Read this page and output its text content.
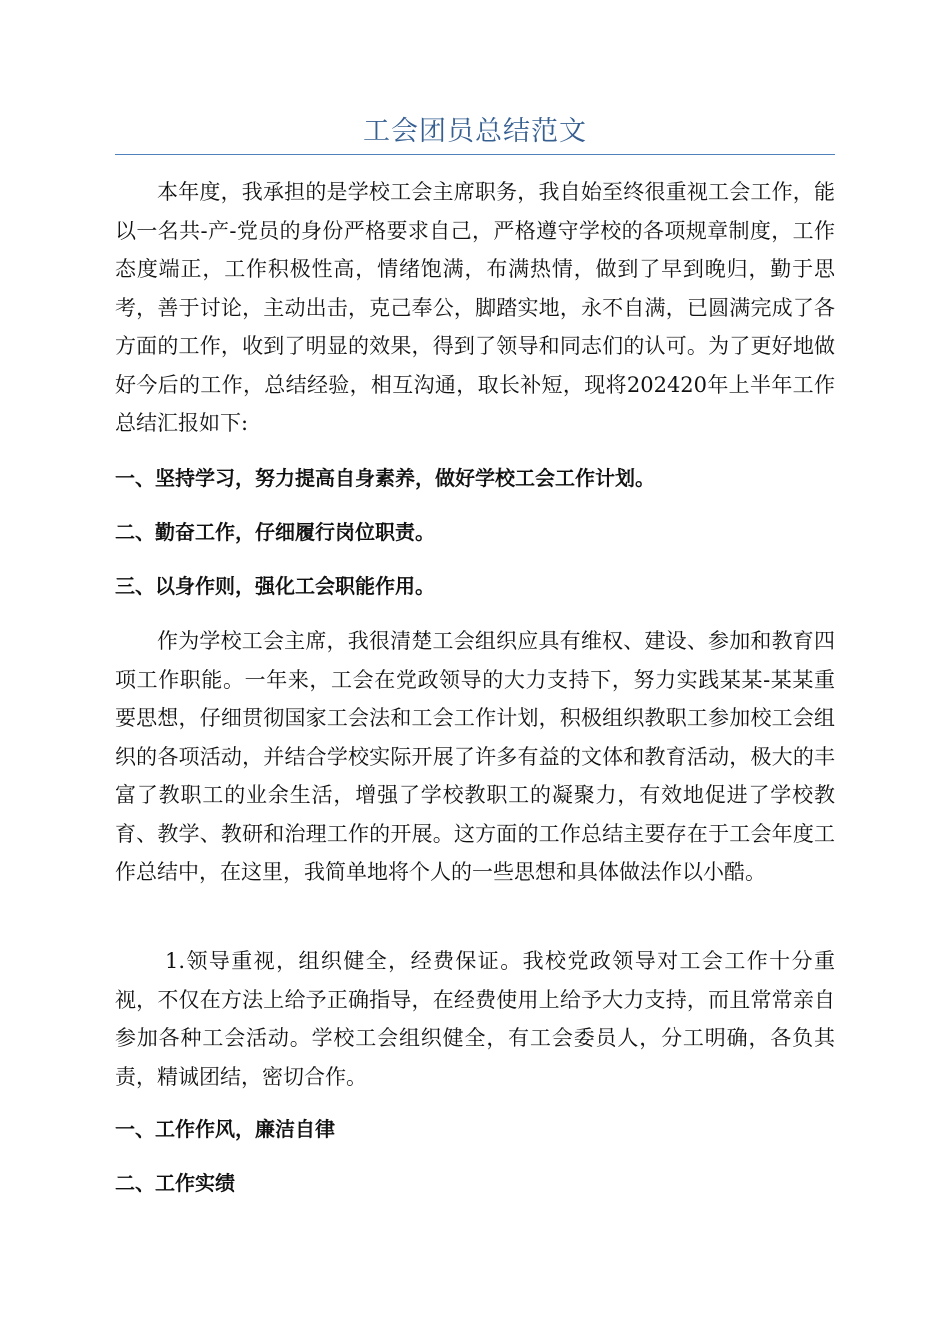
工会团员总结范文

本年度，我承担的是学校工会主席职务，我自始至终很重视工会工作，能以一名共-产-党员的身份严格要求自己，严格遵守学校的各项规章制度，工作态度端正，工作积极性高，情绪饱满，布满热情，做到了早到晚归，勤于思考，善于讨论，主动出击，克己奉公，脚踏实地，永不自满，已圆满完成了各方面的工作，收到了明显的效果，得到了领导和同志们的认可。为了更好地做好今后的工作，总结经验，相互沟通，取长补短，现将202420年上半年工作总结汇报如下:

一、坚持学习，努力提高自身素养，做好学校工会工作计划。

二、勤奋工作，仔细履行岗位职责。

三、以身作则，强化工会职能作用。

作为学校工会主席，我很清楚工会组织应具有维权、建设、参加和教育四项工作职能。一年来，工会在党政领导的大力支持下，努力实践某某-某某重要思想，仔细贯彻国家工会法和工会工作计划，积极组织教职工参加校工会组织的各项活动，并结合学校实际开展了许多有益的文体和教育活动，极大的丰富了教职工的业余生活，增强了学校教职工的凝聚力，有效地促进了学校教育、教学、教研和治理工作的开展。这方面的工作总结主要存在于工会年度工作总结中，在这里，我简单地将个人的一些思想和具体做法作以小酷。

1.领导重视，组织健全，经费保证。我校党政领导对工会工作十分重视，不仅在方法上给予正确指导，在经费使用上给予大力支持，而且常常亲自参加各种工会活动。学校工会组织健全，有工会委员人，分工明确，各负其责，精诚团结，密切合作。

一、工作作风，廉洁自律

二、工作实绩
